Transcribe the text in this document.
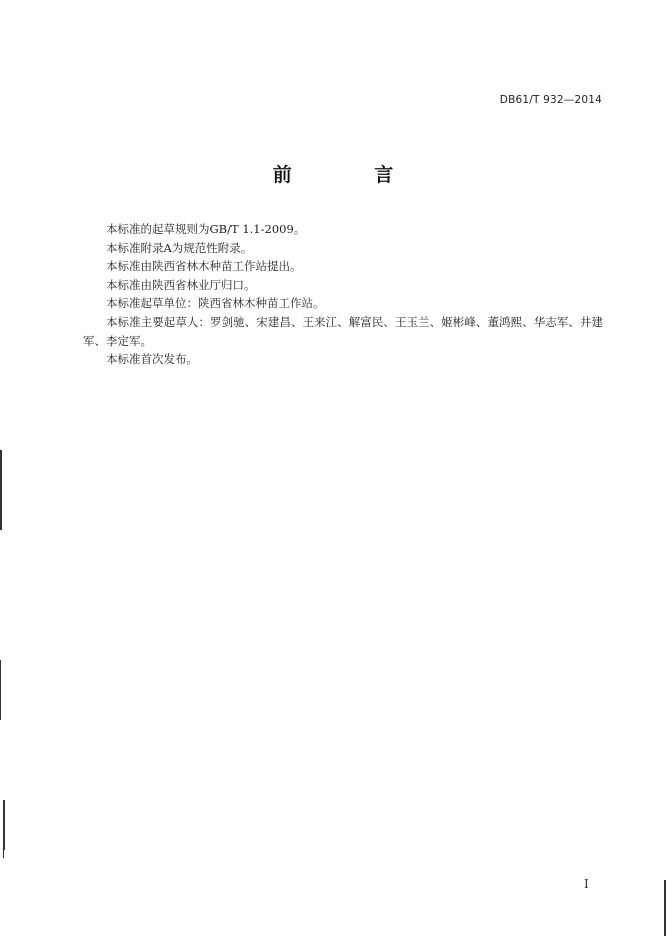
DB61/T 932—2014
前 言

本标准的起草规则为GB/T 1.1-2009。

本标准附录A为规范性附录。

本标准由陕西省林木种苗工作站提出。

本标准由陕西省林业厅归口。

本标准起草单位：陕西省林木种苗工作站。

本标准主要起草人：罗剑驰、宋建昌、王来江、解富民、王玉兰、姬彬峰、董鸿熙、华志军、井建军、李定军。

本标准首次发布。

I
